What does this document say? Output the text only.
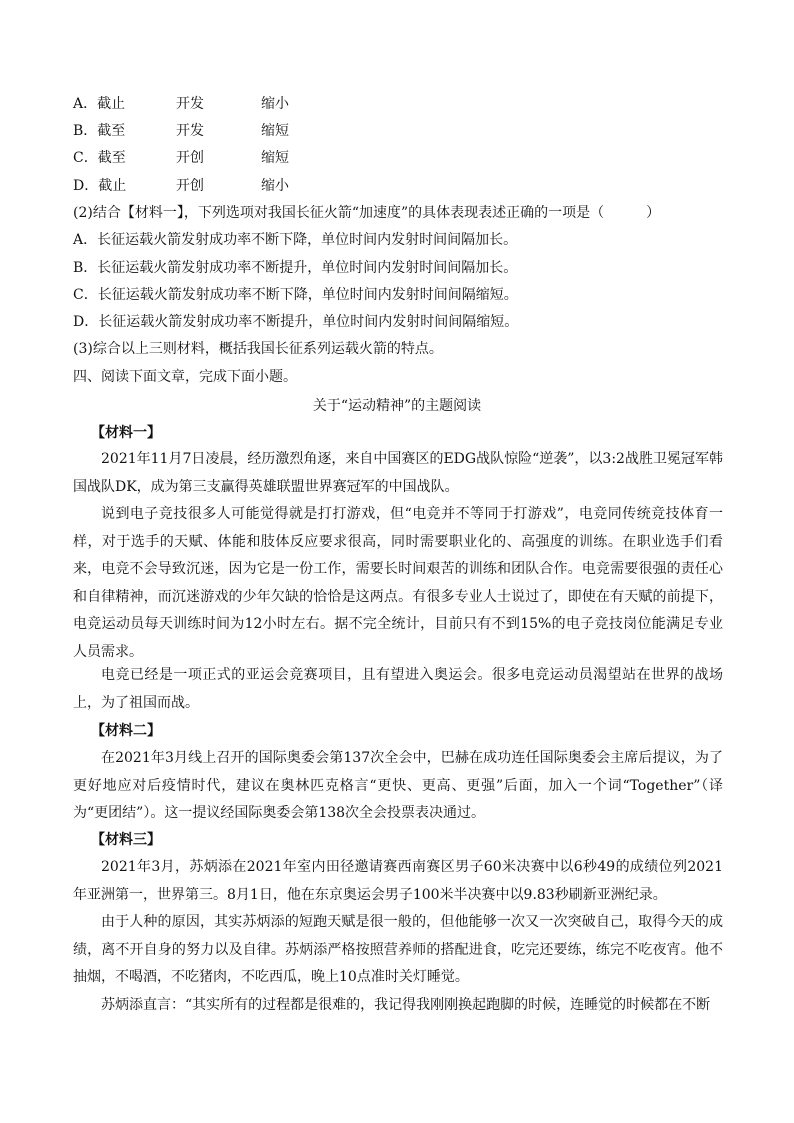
A．截止	开发	缩小
B．截至	开发	缩短
C．截至	开创	缩短
D．截止	开创	缩小
(2)结合【材料一】，下列选项对我国长征火箭“加速度”的具体表现表述正确的一项是（　　　）
A．长征运载火箭发射成功率不断下降，单位时间内发射时间间隔加长。
B．长征运载火箭发射成功率不断提升，单位时间内发射时间间隔加长。
C．长征运载火箭发射成功率不断下降，单位时间内发射时间间隔缩短。
D．长征运载火箭发射成功率不断提升，单位时间内发射时间间隔缩短。
(3)综合以上三则材料，概括我国长征系列运载火箭的特点。
四、阅读下面文章，完成下面小题。
关于“运动精神”的主题阅读
【材料一】
2021年11月7日凌晨，经历激烈角逐，来自中国赛区的EDG战队惊险“逆袭”，以3:2战胜卫冕冠军韩国战队DK，成为第三支赢得英雄联盟世界赛冠军的中国战队。
说到电子竞技很多人可能觉得就是打打游戏，但“电竞并不等同于打游戏”，电竞同传统竞技体育一样，对于选手的天赋、体能和肢体反应要求很高，同时需要职业化的、高强度的训练。在职业选手们看来，电竞不会导致沉迷，因为它是一份工作，需要长时间艰苦的训练和团队合作。电竞需要很强的责任心和自律精神，而沉迷游戏的少年欠缺的恰恰是这两点。有很多专业人士说过了，即使在有天赋的前提下，电竞运动员每天训练时间为12小时左右。据不完全统计，目前只有不到15%的电子竞技岗位能满足专业人员需求。
电竞已经是一项正式的亚运会竞赛项目，且有望进入奥运会。很多电竞运动员渴望站在世界的战场上，为了祖国而战。
【材料二】
在2021年3月线上召开的国际奥委会第137次全会中，巴赫在成功连任国际奥委会主席后提议，为了更好地应对后疫情时代，建议在奥林匹克格言“更快、更高、更强”后面，加入一个词“Together”（译为“更团结”）。这一提议经国际奥委会第138次全会投票表决通过。
【材料三】
2021年3月，苏炳添在2021年室内田径邀请赛西南赛区男子60米决赛中以6秒49的成绩位列2021年亚洲第一，世界第三。8月1日，他在东京奥运会男子100米半决赛中以9.83秒刷新亚洲纪录。
由于人种的原因，其实苏炳添的短跑天赋是很一般的，但他能够一次又一次突破自己，取得今天的成绩，离不开自身的努力以及自律。苏炳添严格按照营养师的搭配进食，吃完还要练，练完不吃夜宵。他不抽烟，不喝酒，不吃猪肉，不吃西瓜，晚上10点准时关灯睡觉。
苏炳添直言：“其实所有的过程都是很难的，我记得我刚刚换起跑脚的时候，连睡觉的时候都在不断
